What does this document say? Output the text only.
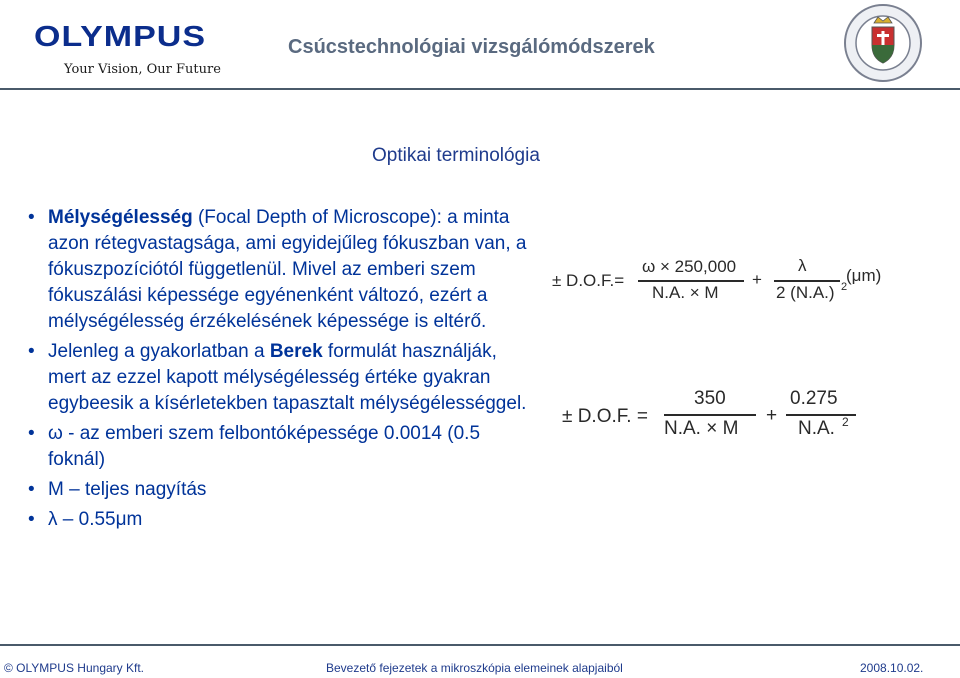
OLYMPUS
Your Vision, Our Future
Csúcstechnológiai vizsgálómódszerek
Optikai terminológia
• Mélységélesség (Focal Depth of Microscope): a minta azon rétegvastagsága, ami egyidejűleg fókuszban van, a fókuszpozíciótól függetlenül. Mivel az emberi szem fókuszálási képessége egyénenként változó, ezért a mélységélesség érzékelésének képessége is eltérő.
• Jelenleg a gyakorlatban a Berek formulát használják, mert az ezzel kapott mélységélesség értéke gyakran egybeesik a kísérletekben tapasztalt mélységélességgel.
• ω - az emberi szem felbontóképessége 0.0014 (0.5 foknál)
• M – teljes nagyítás
• λ – 0.55μm
± D.O.F.=
ω × 250,000
N.A. × M
+
λ
2 (N.A.) 2
(μm)
± D.O.F. =
350
N.A. × M
+
0.275
N.A. 2
© OLYMPUS Hungary Kft.	Bevezető fejezetek a mikroszkópia elemeinek alapjaiból	2008.10.02.
